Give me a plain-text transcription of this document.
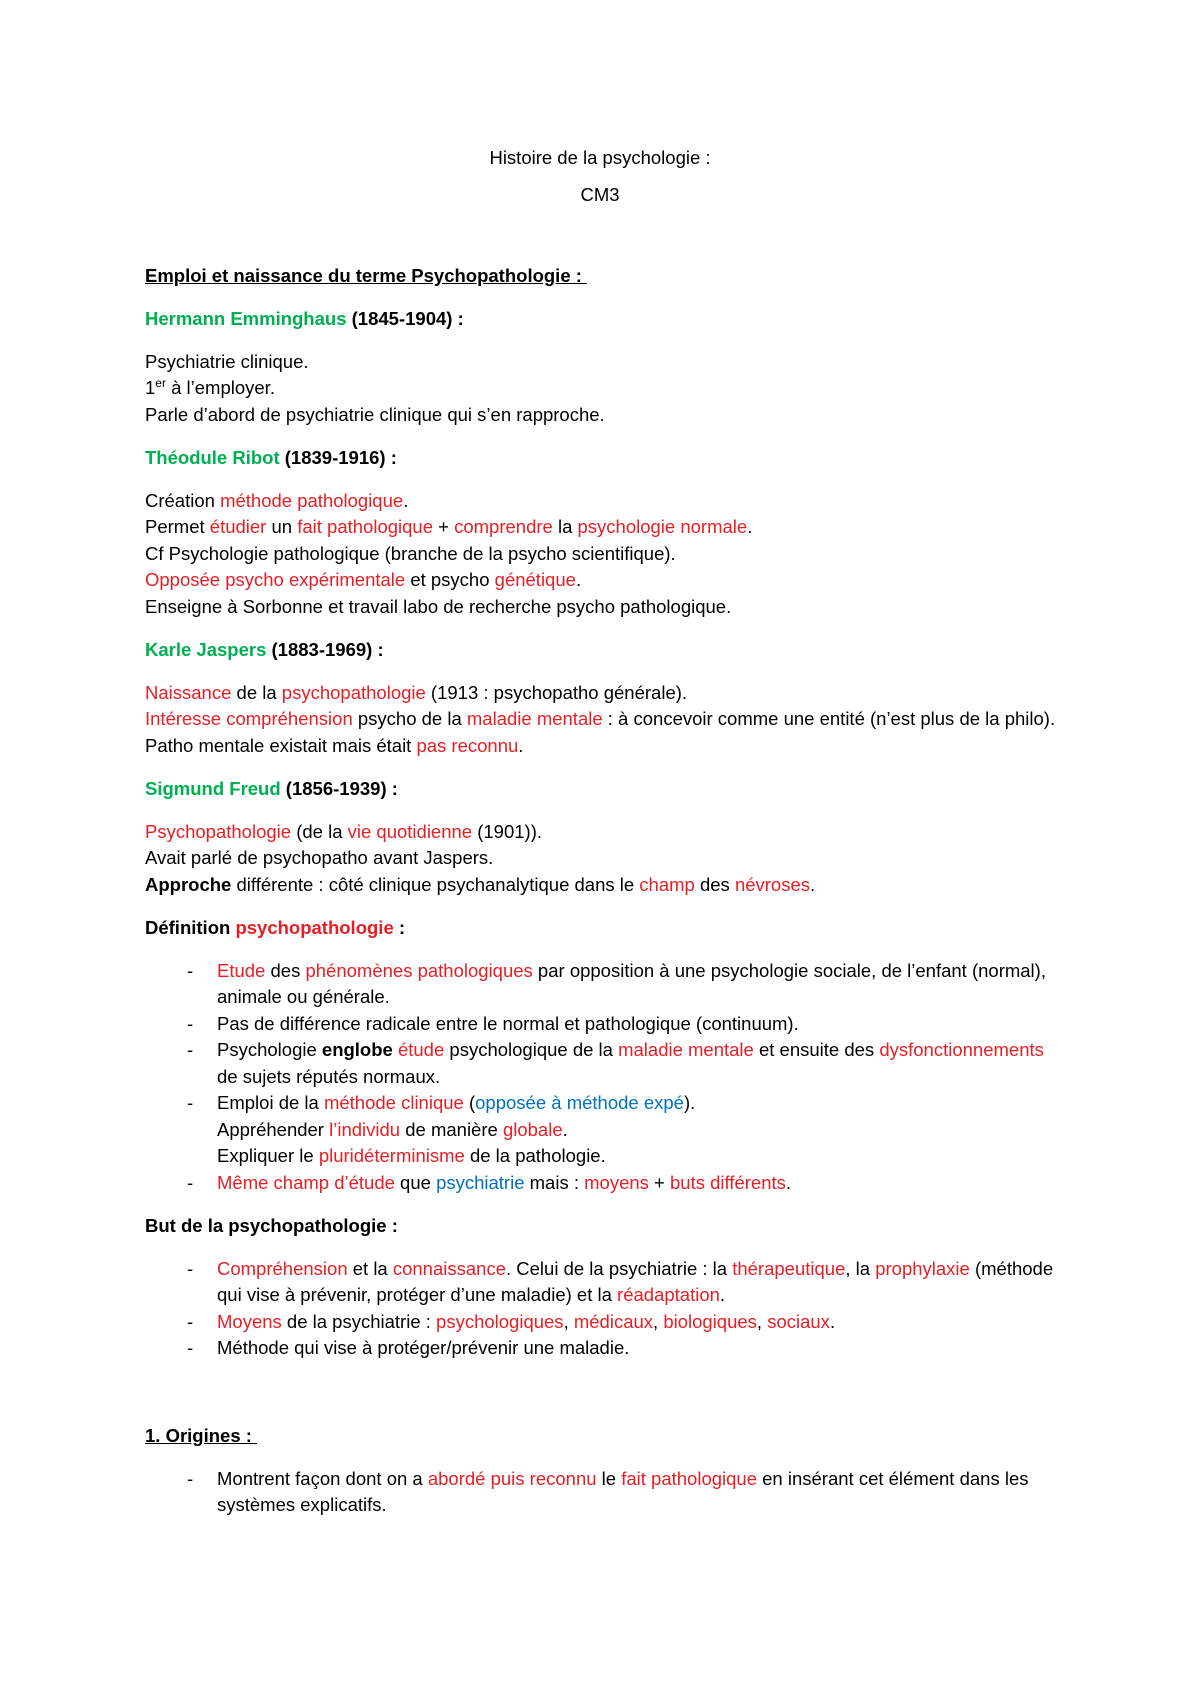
Histoire de la psychologie :
CM3
Emploi et naissance du terme Psychopathologie :
Hermann Emminghaus (1845-1904) :
Psychiatrie clinique.
1er à l’employer.
Parle d’abord de psychiatrie clinique qui s’en rapproche.
Théodule Ribot (1839-1916) :
Création méthode pathologique.
Permet étudier un fait pathologique + comprendre la psychologie normale.
Cf Psychologie pathologique (branche de la psycho scientifique).
Opposée psycho expérimentale et psycho génétique.
Enseigne à Sorbonne et travail labo de recherche psycho pathologique.
Karle Jaspers (1883-1969) :
Naissance de la psychopathologie (1913 : psychopatho générale).
Intéresse compréhension psycho de la maladie mentale : à concevoir comme une entité (n’est plus de la philo).
Patho mentale existait mais était pas reconnu.
Sigmund Freud (1856-1939) :
Psychopathologie (de la vie quotidienne (1901)).
Avait parlé de psychopatho avant Jaspers.
Approche différente : côté clinique psychanalytique dans le champ des névroses.
Définition psychopathologie :
- Etude des phénomènes pathologiques par opposition à une psychologie sociale, de l’enfant (normal),
animale ou générale.
- Pas de différence radicale entre le normal et pathologique (continuum).
- Psychologie englobe étude psychologique de la maladie mentale et ensuite des dysfonctionnements
de sujets réputés normaux.
- Emploi de la méthode clinique (opposée à méthode expé).
Appréhender l’individu de manière globale.
Expliquer le pluridéterminisme de la pathologie.
- Même champ d’étude que psychiatrie mais : moyens + buts différents.
But de la psychopathologie :
- Compréhension et la connaissance. Celui de la psychiatrie : la thérapeutique, la prophylaxie (méthode
qui vise à prévenir, protéger d’une maladie) et la réadaptation.
- Moyens de la psychiatrie : psychologiques, médicaux, biologiques, sociaux.
- Méthode qui vise à protéger/prévenir une maladie.
1. Origines :
- Montrent façon dont on a abordé puis reconnu le fait pathologique en insérant cet élément dans les
systèmes explicatifs.
